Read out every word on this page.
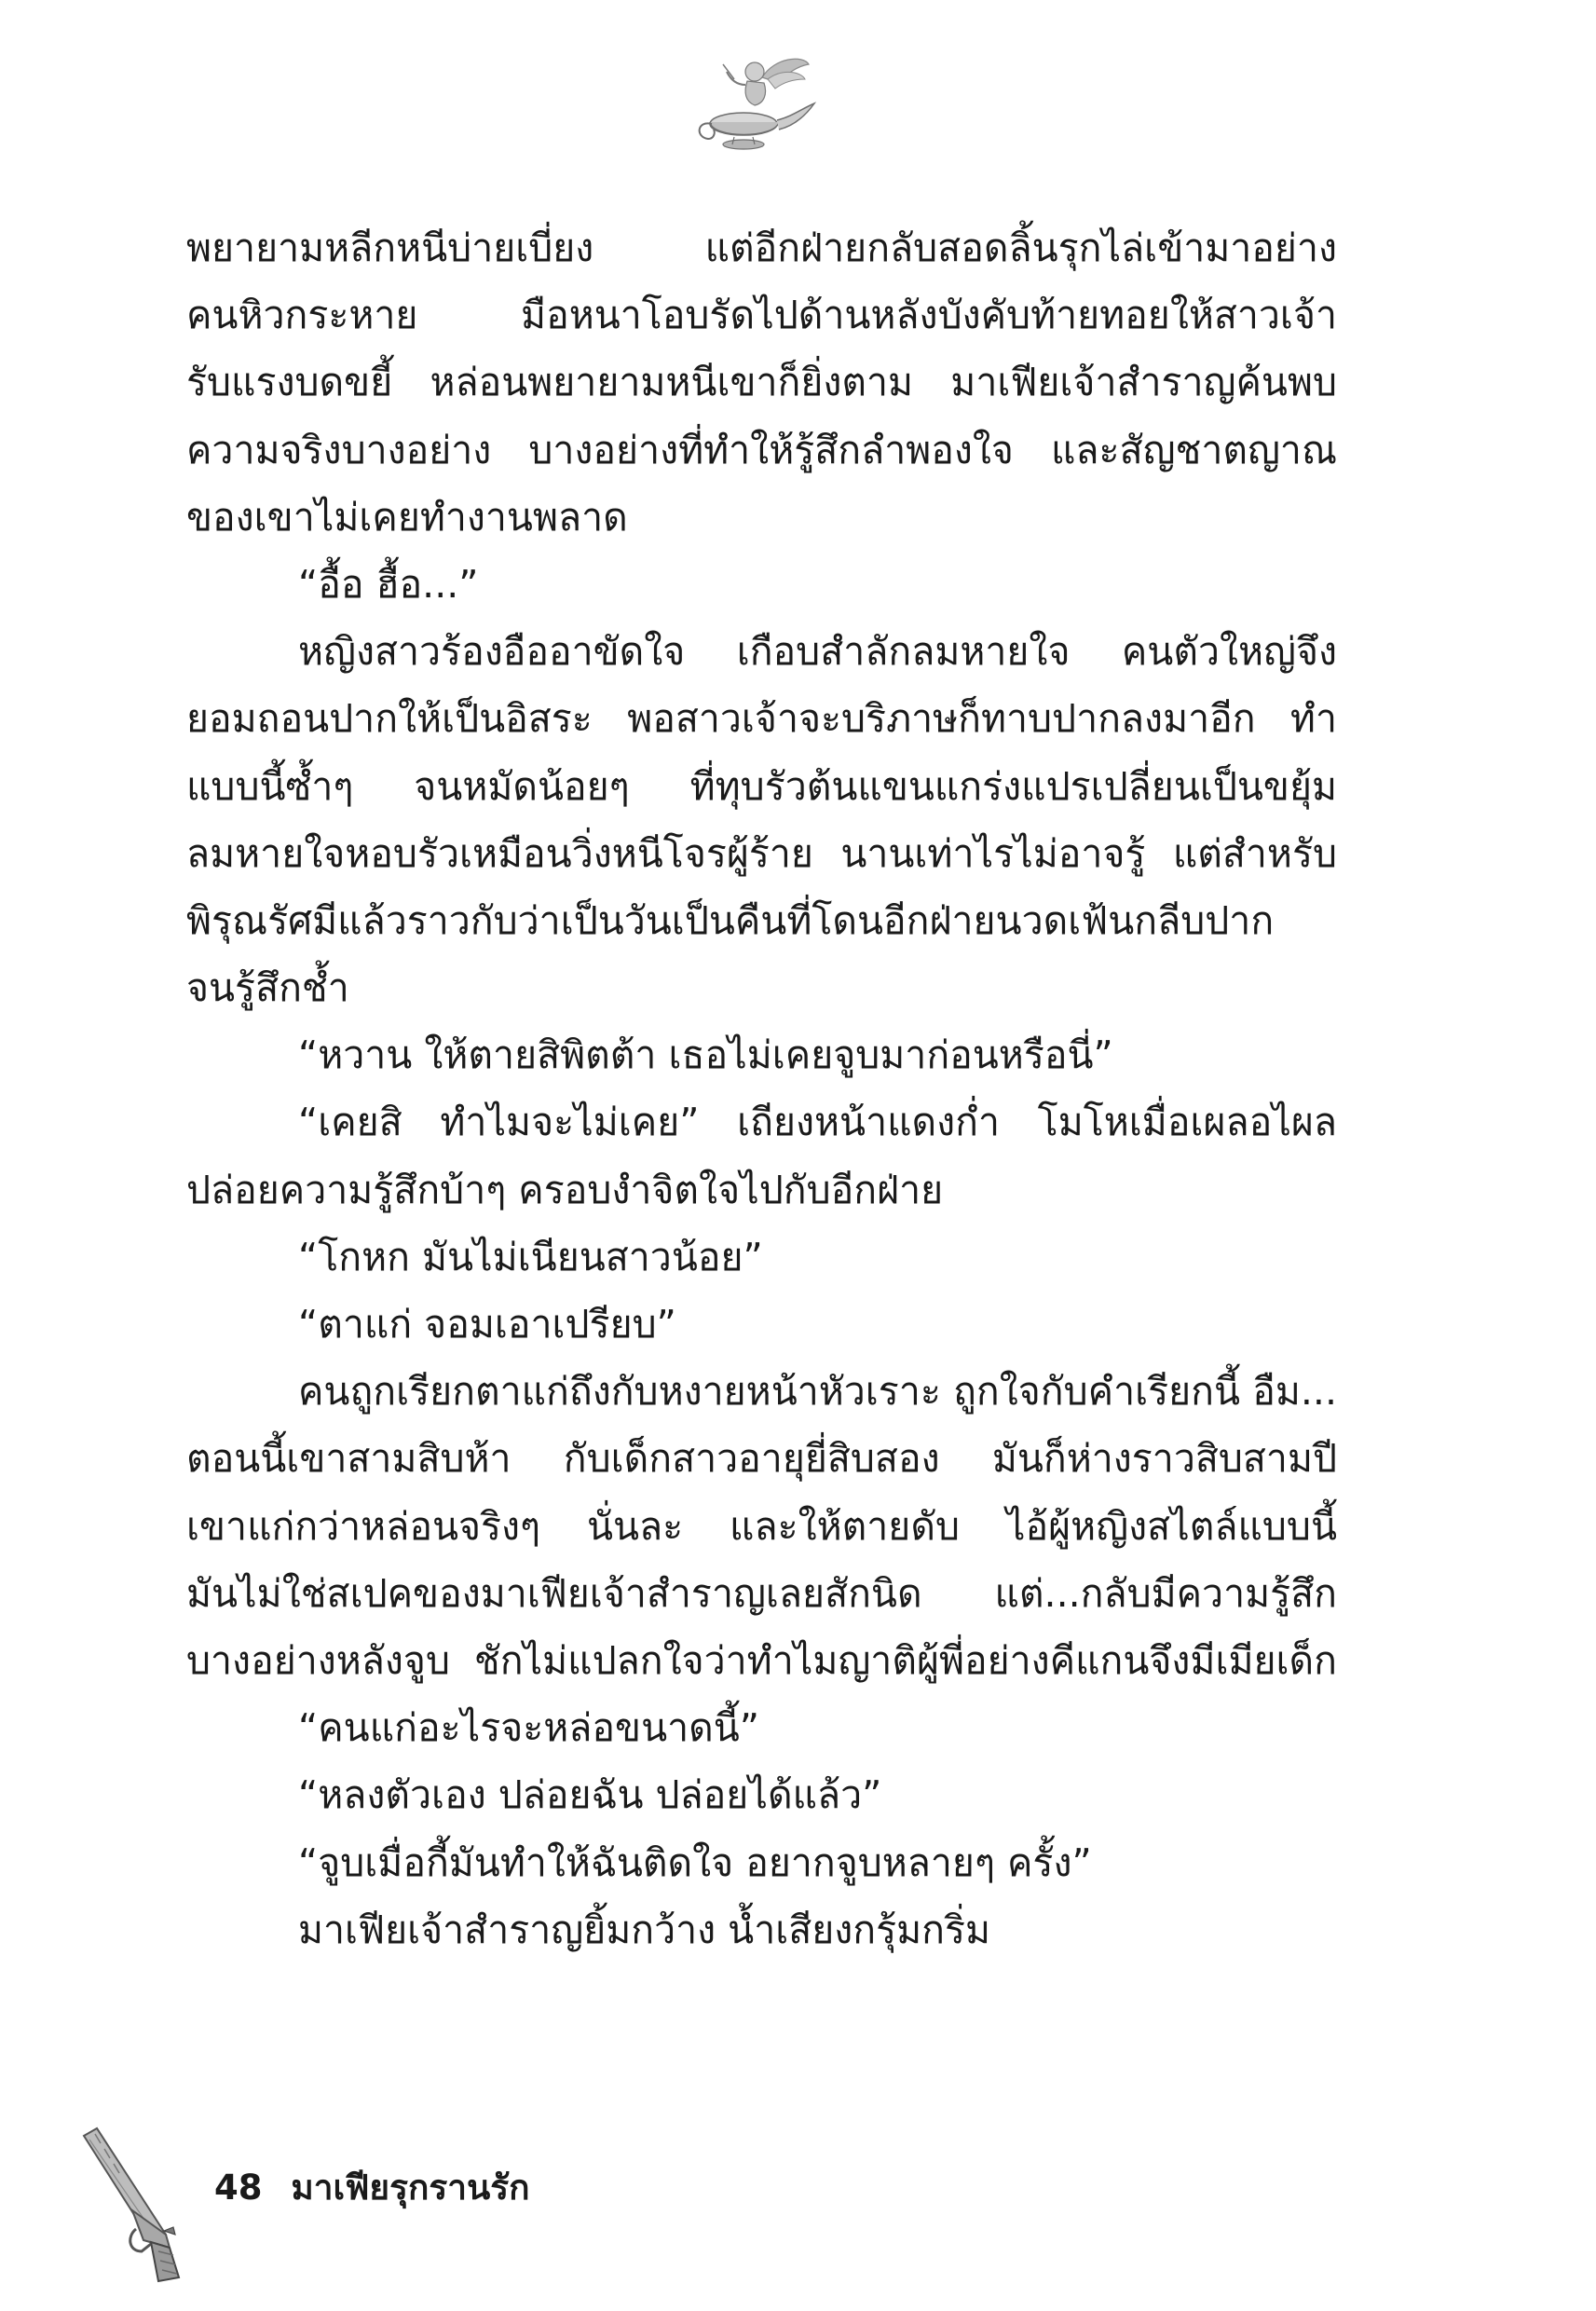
พยายามหลีกหนีบ่ายเบี่ยง แต่อีกฝ่ายกลับสอดลิ้นรุกไล่เข้ามาอย่าง
คนหิวกระหาย มือหนาโอบรัดไปด้านหลังบังคับท้ายทอยให้สาวเจ้า
รับแรงบดขยี้ หล่อนพยายามหนีเขาก็ยิ่งตาม มาเฟียเจ้าสำราญค้นพบ
ความจริงบางอย่าง บางอย่างที่ทำให้รู้สึกลำพองใจ และสัญชาตญาณ
ของเขาไม่เคยทำงานพลาด
“อื้อ ฮื้อ...”
หญิงสาวร้องอืออาขัดใจ เกือบสำลักลมหายใจ คนตัวใหญ่จึง
ยอมถอนปากให้เป็นอิสระ พอสาวเจ้าจะบริภาษก็ทาบปากลงมาอีก ทำ
แบบนี้ซ้ำๆ จนหมัดน้อยๆ ที่ทุบรัวต้นแขนแกร่งแปรเปลี่ยนเป็นขยุ้ม
ลมหายใจหอบรัวเหมือนวิ่งหนีโจรผู้ร้าย นานเท่าไรไม่อาจรู้ แต่สำหรับ
พิรุณรัศมีแล้วราวกับว่าเป็นวันเป็นคืนที่โดนอีกฝ่ายนวดเฟ้นกลีบปาก
จนรู้สึกช้ำ
“หวาน ให้ตายสิพิตต้า เธอไม่เคยจูบมาก่อนหรือนี่”
“เคยสิ ทำไมจะไม่เคย” เถียงหน้าแดงก่ำ โมโหเมื่อเผลอไผล
ปล่อยความรู้สึกบ้าๆ ครอบงำจิตใจไปกับอีกฝ่าย
“โกหก มันไม่เนียนสาวน้อย”
“ตาแก่ จอมเอาเปรียบ”
คนถูกเรียกตาแก่ถึงกับหงายหน้าหัวเราะ ถูกใจกับคำเรียกนี้ อืม...
ตอนนี้เขาสามสิบห้า กับเด็กสาวอายุยี่สิบสอง มันก็ห่างราวสิบสามปี
เขาแก่กว่าหล่อนจริงๆ นั่นละ และให้ตายดับ ไอ้ผู้หญิงสไตล์แบบนี้
มันไม่ใช่สเปคของมาเฟียเจ้าสำราญเลยสักนิด แต่...กลับมีความรู้สึก
บางอย่างหลังจูบ ชักไม่แปลกใจว่าทำไมญาติผู้พี่อย่างคีแกนจึงมีเมียเด็ก
“คนแก่อะไรจะหล่อขนาดนี้”
“หลงตัวเอง ปล่อยฉัน ปล่อยได้แล้ว”
“จูบเมื่อกี้มันทำให้ฉันติดใจ อยากจูบหลายๆ ครั้ง”
มาเฟียเจ้าสำราญยิ้มกว้าง น้ำเสียงกรุ้มกริ่ม
48 มาเฟียรุกรานรัก
